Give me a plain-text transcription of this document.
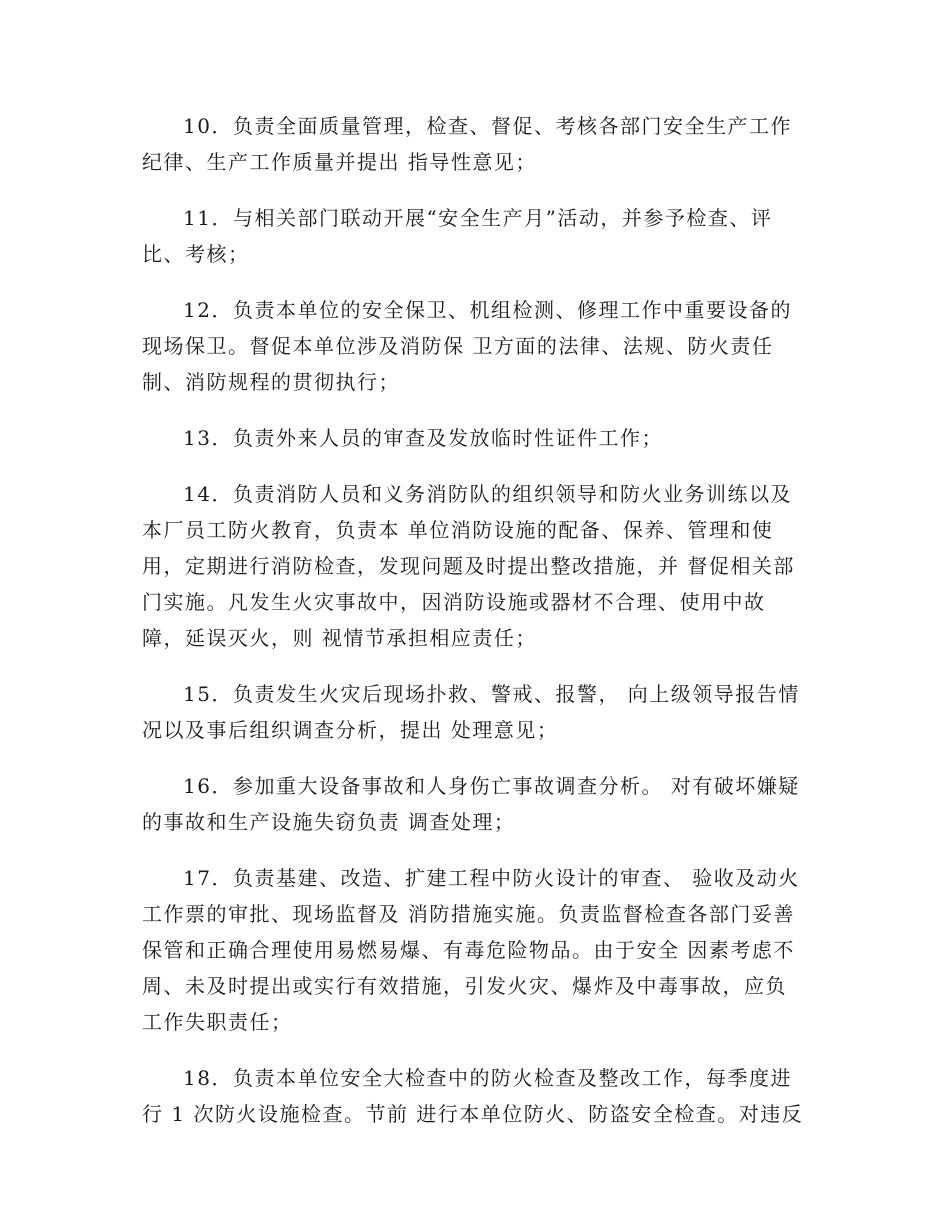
10．负责全面质量管理，检查、督促、考核各部门安全生产工作
纪律、生产工作质量并提出 指导性意见；

11．与相关部门联动开展“安全生产月”活动，并参予检查、评
比、考核；

12．负责本单位的安全保卫、机组检测、修理工作中重要设备的
现场保卫。督促本单位涉及消防保 卫方面的法律、法规、防火责任
制、消防规程的贯彻执行；

13．负责外来人员的审查及发放临时性证件工作；

14．负责消防人员和义务消防队的组织领导和防火业务训练以及
本厂员工防火教育，负责本 单位消防设施的配备、保养、管理和使
用，定期进行消防检查，发现问题及时提出整改措施，并 督促相关部
门实施。凡发生火灾事故中，因消防设施或器材不合理、使用中故
障，延误灭火，则 视情节承担相应责任；

15．负责发生火灾后现场扑救、警戒、报警， 向上级领导报告情
况以及事后组织调查分析，提出 处理意见；

16．参加重大设备事故和人身伤亡事故调查分析。 对有破坏嫌疑
的事故和生产设施失窃负责 调查处理；

17．负责基建、改造、扩建工程中防火设计的审查、 验收及动火
工作票的审批、现场监督及 消防措施实施。负责监督检查各部门妥善
保管和正确合理使用易燃易爆、有毒危险物品。由于安全 因素考虑不
周、未及时提出或实行有效措施，引发火灾、爆炸及中毒事故，应负
工作失职责任；

18．负责本单位安全大检查中的防火检查及整改工作，每季度进
行 1 次防火设施检查。节前 进行本单位防火、防盗安全检查。对违反
